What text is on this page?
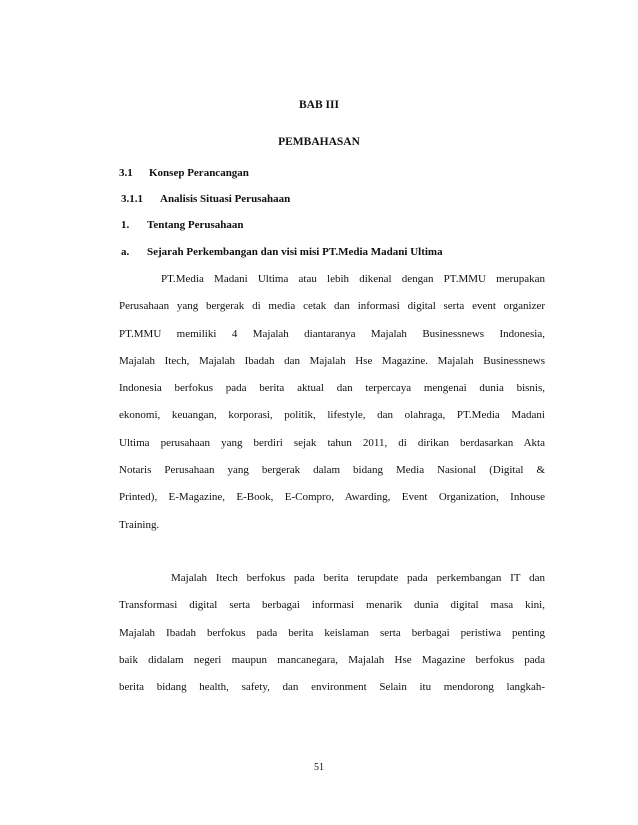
BAB III
PEMBAHASAN
3.1 Konsep Perancangan
3.1.1 Analisis Situasi Perusahaan
1. Tentang Perusahaan
a. Sejarah Perkembangan dan visi misi PT.Media Madani Ultima
PT.Media Madani Ultima atau lebih dikenal dengan PT.MMU merupakan
Perusahaan yang bergerak di media cetak dan informasi digital serta event organizer
PT.MMU memiliki 4 Majalah diantaranya Majalah Businessnews Indonesia,
Majalah Itech, Majalah Ibadah dan Majalah Hse Magazine. Majalah Businessnews
Indonesia berfokus pada berita aktual dan terpercaya mengenai dunia bisnis,
ekonomi, keuangan, korporasi, politik, lifestyle, dan olahraga, PT.Media Madani
Ultima perusahaan yang berdiri sejak tahun 2011, di dirikan berdasarkan Akta
Notaris Perusahaan yang bergerak dalam bidang Media Nasional (Digital &
Printed), E-Magazine, E-Book, E-Compro, Awarding, Event Organization, Inhouse
Training.
Majalah Itech berfokus pada berita terupdate pada perkembangan IT dan
Transformasi digital serta berbagai informasi menarik dunia digital masa kini,
Majalah Ibadah berfokus pada berita keislaman serta berbagai peristiwa penting
baik didalam negeri maupun mancanegara, Majalah Hse Magazine berfokus pada
berita bidang health, safety, dan environment Selain itu mendorong langkah-
51
